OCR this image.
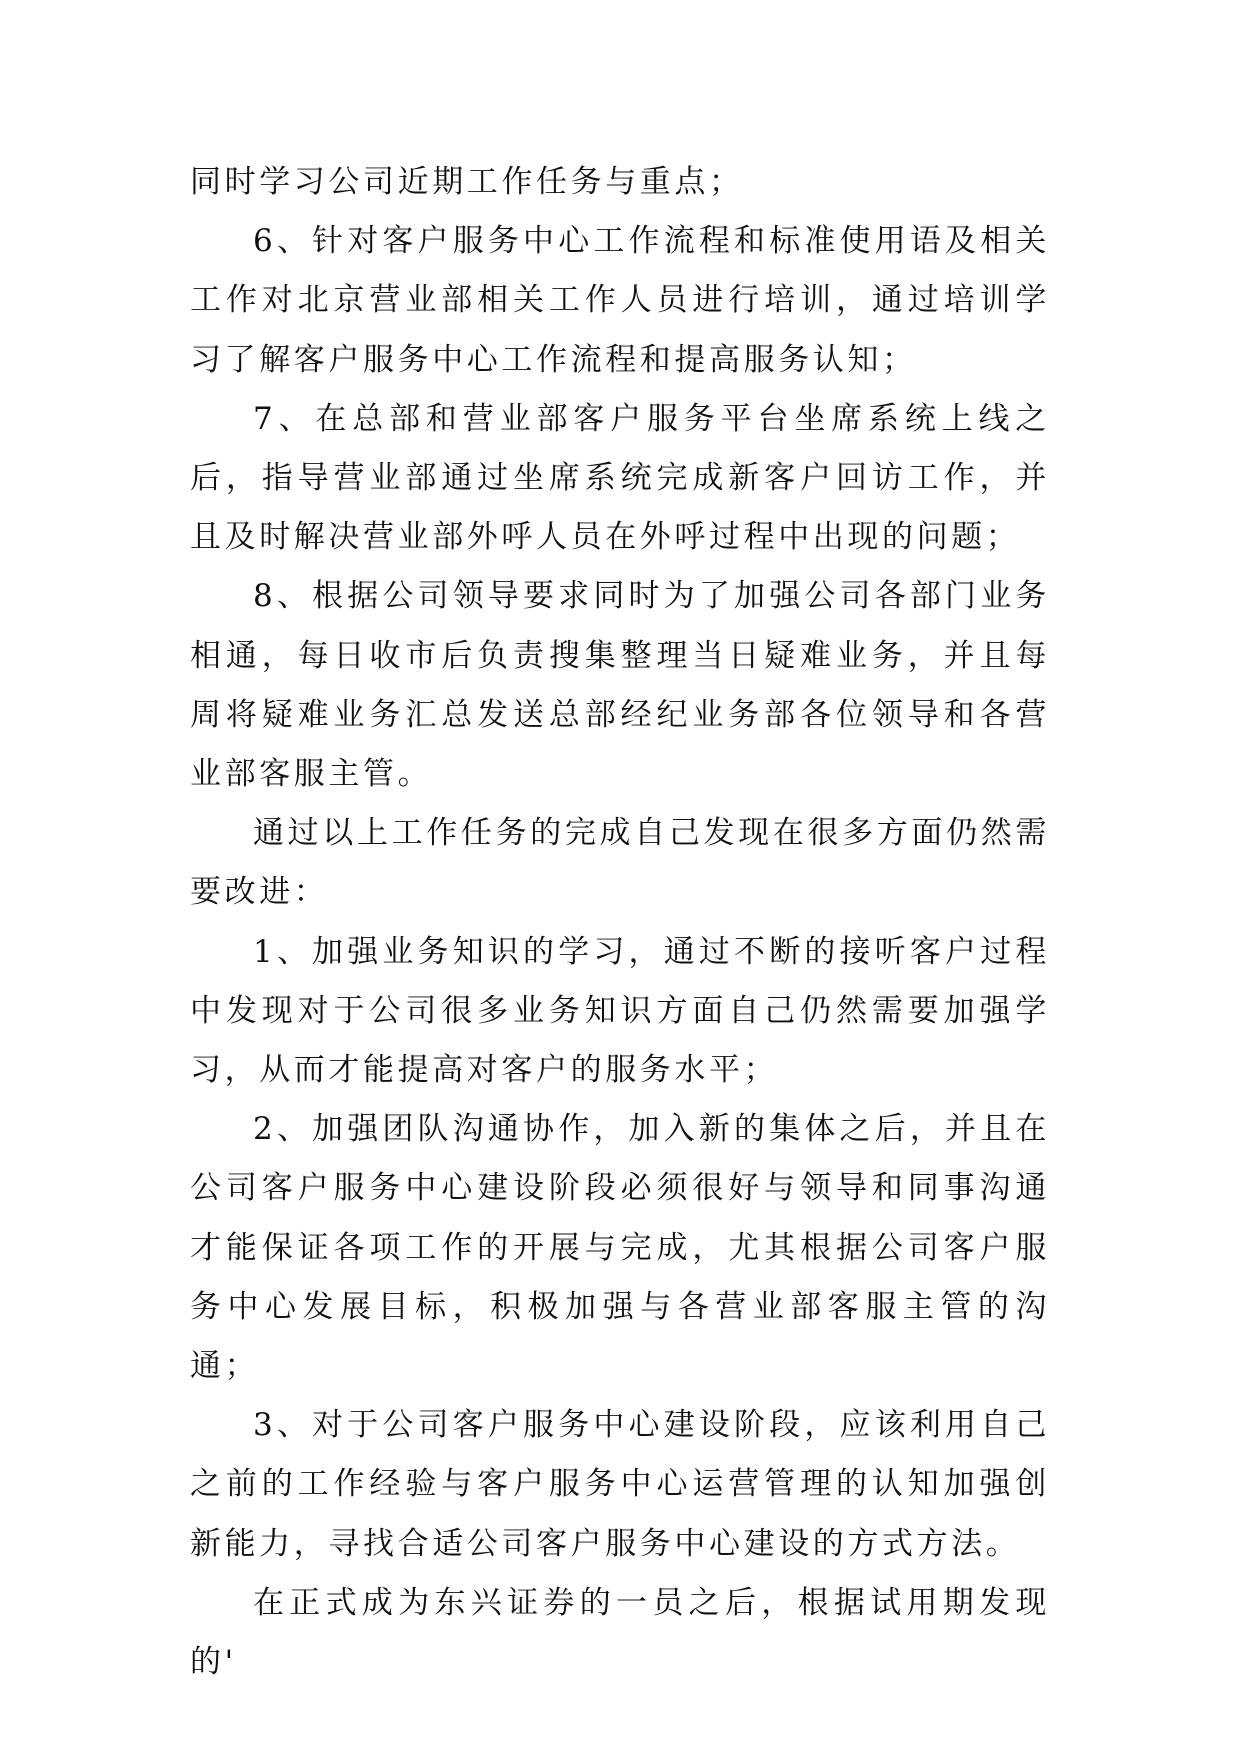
同时学习公司近期工作任务与重点；

6、针对客户服务中心工作流程和标准使用语及相关工作对北京营业部相关工作人员进行培训，通过培训学习了解客户服务中心工作流程和提高服务认知；

7、在总部和营业部客户服务平台坐席系统上线之后，指导营业部通过坐席系统完成新客户回访工作，并且及时解决营业部外呼人员在外呼过程中出现的问题；

8、根据公司领导要求同时为了加强公司各部门业务相通，每日收市后负责搜集整理当日疑难业务，并且每周将疑难业务汇总发送总部经纪业务部各位领导和各营业部客服主管。

通过以上工作任务的完成自己发现在很多方面仍然需要改进：

1、加强业务知识的学习，通过不断的接听客户过程中发现对于公司很多业务知识方面自己仍然需要加强学习，从而才能提高对客户的服务水平；

2、加强团队沟通协作，加入新的集体之后，并且在公司客户服务中心建设阶段必须很好与领导和同事沟通才能保证各项工作的开展与完成，尤其根据公司客户服务中心发展目标，积极加强与各营业部客服主管的沟通；

3、对于公司客户服务中心建设阶段，应该利用自己之前的工作经验与客户服务中心运营管理的认知加强创新能力，寻找合适公司客户服务中心建设的方式方法。

在正式成为东兴证券的一员之后，根据试用期发现的'
